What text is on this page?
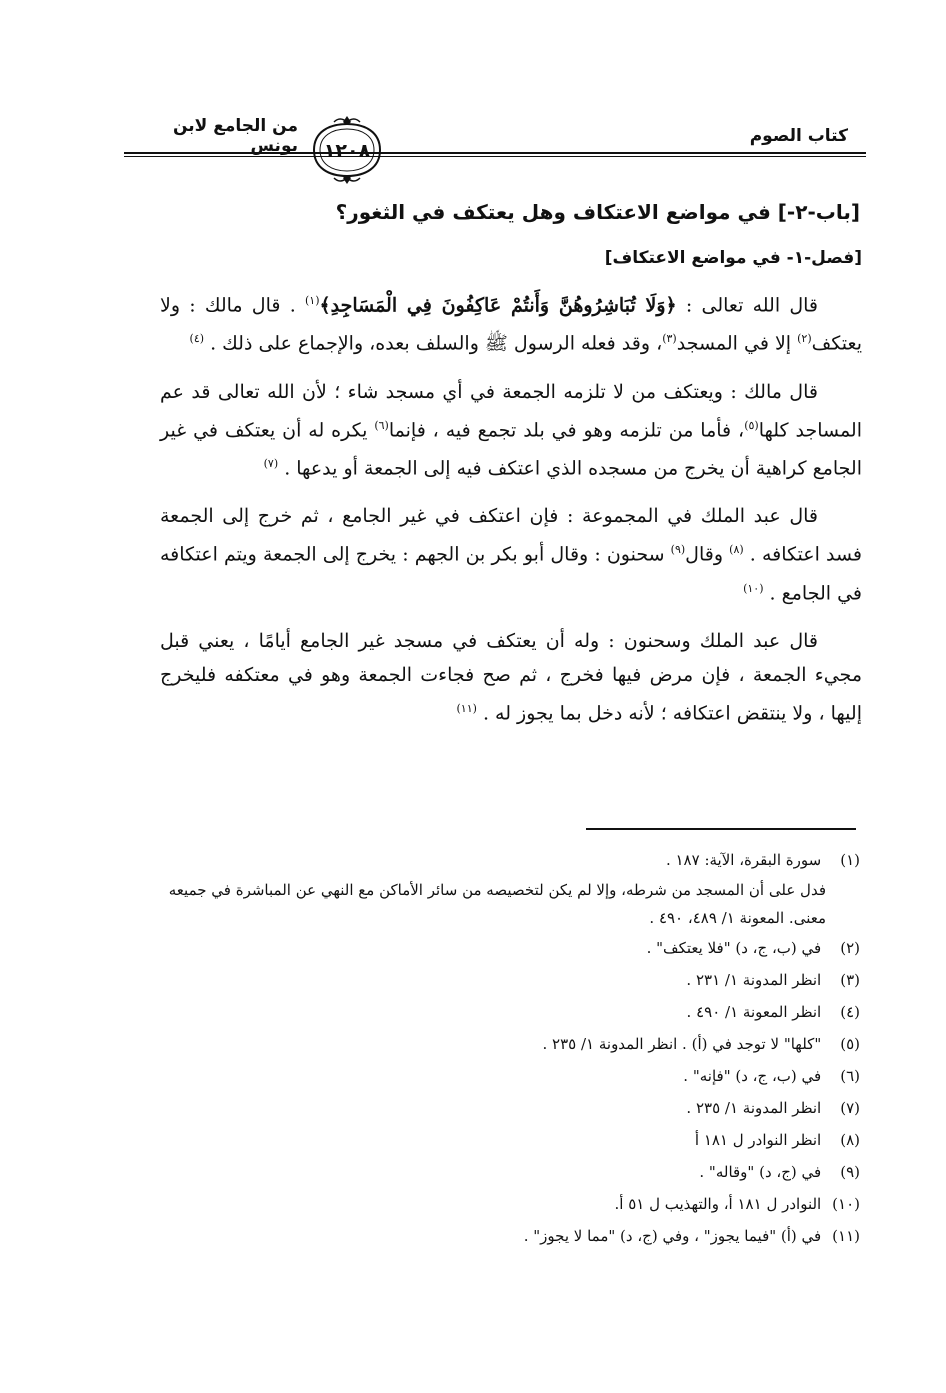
كتاب الصوم
من الجامع لابن يونس	١٢٠٨
[باب-٢-] في مواضع الاعتكاف وهل يعتكف في الثغور؟
[فصل-١- في مواضع الاعتكاف]

قال الله تعالى : ﴿وَلَا تُبَاشِرُوهُنَّ وَأَنتُمْ عَاكِفُونَ فِي الْمَسَاجِدِ﴾$^{(١)}$ . قال مالك : ولا يعتكف$^{(٢)}$ إلا في المسجد$^{(٣)}$، وقد فعله الرسول ﷺ والسلف بعده، والإجماع على ذلك . $^{(٤)}$

قال مالك : ويعتكف من لا تلزمه الجمعة في أي مسجد شاء ؛ لأن الله تعالى قد عم المساجد كلها$^{(٥)}$، فأما من تلزمه وهو في بلد تجمع فيه ، فإنما$^{(٦)}$ يكره له أن يعتكف في غير الجامع كراهية أن يخرج من مسجده الذي اعتكف فيه إلى الجمعة أو يدعها . $^{(٧)}$

قال عبد الملك في المجموعة : فإن اعتكف في غير الجامع ، ثم خرج إلى الجمعة فسد اعتكافه . $^{(٨)}$ وقال$^{(٩)}$ سحنون : وقال أبو بكر بن الجهم : يخرج إلى الجمعة ويتم اعتكافه في الجامع . $^{(١٠)}$

قال عبد الملك وسحنون : وله أن يعتكف في مسجد غير الجامع أيامًا ، يعني قبل مجيء الجمعة ، فإن مرض فيها فخرج ، ثم صح فجاءت الجمعة وهو في معتكفه فليخرج إليها ، ولا ينتقض اعتكافه ؛ لأنه دخل بما يجوز له . $^{(١١)}$

(١) سورة البقرة، الآية: ١٨٧ .

فدل على أن المسجد من شرطه، وإلا لم يكن لتخصيصه من سائر الأماكن مع النهي عن المباشرة في جميعه معنى. المعونة ١/ ٤٨٩، ٤٩٠ .

(٢) في (ب، ج، د) "فلا يعتكف" .

(٣) انظر المدونة ١/ ٢٣١ .

(٤) انظر المعونة ١/ ٤٩٠ .

(٥) "كلها" لا توجد في (أ) . انظر المدونة ١/ ٢٣٥ .

(٦) في (ب، ج، د) "فإنه" .

(٧) انظر المدونة ١/ ٢٣٥ .

(٨) انظر النوادر ل ١٨١ أ

(٩) في (ج، د) "وقاله" .

(١٠) النوادر ل ١٨١ أ، والتهذيب ل ٥١ أ.

(١١) في (أ) "فيما يجوز" ، وفي (ج، د) "مما لا يجوز" .
